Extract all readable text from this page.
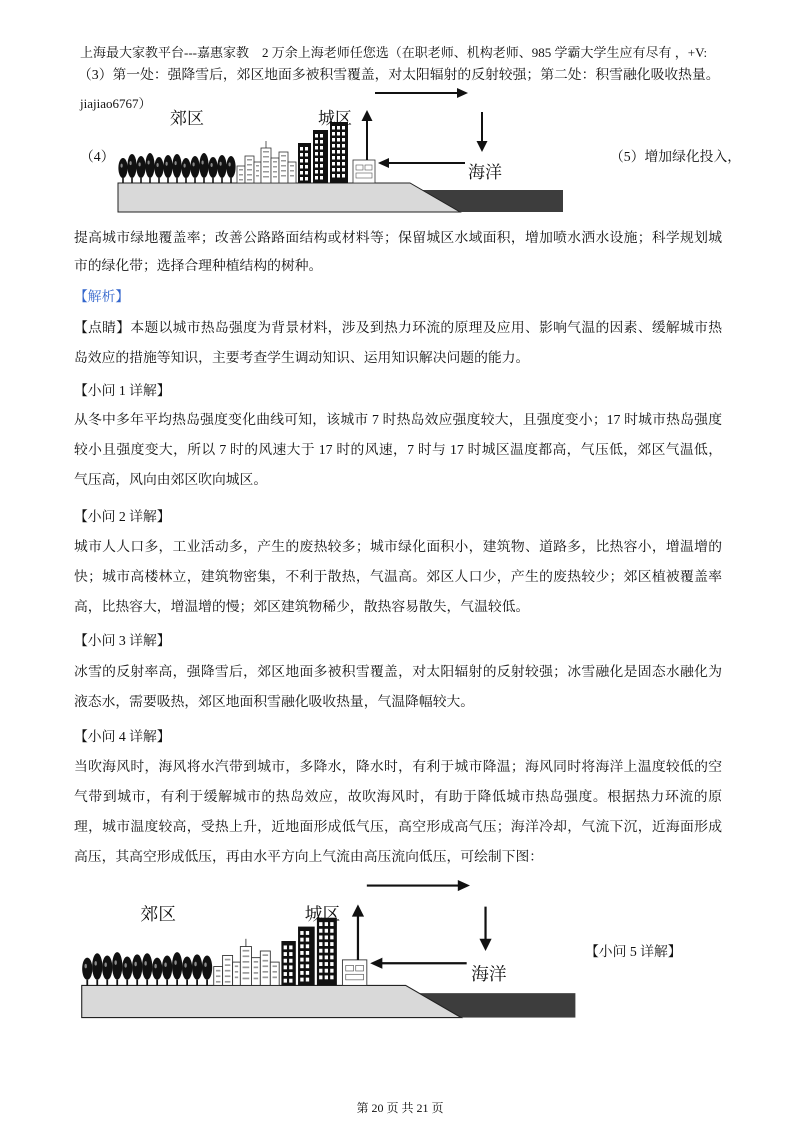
上海最大家教平台---嘉惠家教　2 万余上海老师任您选（在职老师、机构老师、985 学霸大学生应有尽有 ，+V:

jiajiao6767）

（3）第一处：强降雪后，郊区地面多被积雪覆盖，对太阳辐射的反射较强；第二处：积雪融化吸收热量。
（4）
郊区	城区
海洋
（5）增加绿化投入，
提高城市绿地覆盖率；改善公路路面结构或材料等；保留城区水域面积，增加喷水洒水设施；科学规划城
市的绿化带；选择合理种植结构的树种。
【解析】
【点睛】本题以城市热岛强度为背景材料，涉及到热力环流的原理及应用、影响气温的因素、缓解城市热
岛效应的措施等知识，主要考查学生调动知识、运用知识解决问题的能力。
【小问 1 详解】
从冬中多年平均热岛强度变化曲线可知，该城市 7 时热岛效应强度较大，且强度变小；17 时城市热岛强度
较小且强度变大，所以 7 时的风速大于 17 时的风速，7 时与 17 时城区温度都高，气压低，郊区气温低，
气压高，风向由郊区吹向城区。
【小问 2 详解】
城市人人口多，工业活动多，产生的废热较多；城市绿化面积小，建筑物、道路多，比热容小，增温增的
快；城市高楼林立，建筑物密集，不利于散热，气温高。郊区人口少，产生的废热较少；郊区植被覆盖率
高，比热容大，增温增的慢；郊区建筑物稀少，散热容易散失，气温较低。
【小问 3 详解】
冰雪的反射率高，强降雪后，郊区地面多被积雪覆盖，对太阳辐射的反射较强；冰雪融化是固态水融化为
液态水，需要吸热，郊区地面积雪融化吸收热量，气温降幅较大。
【小问 4 详解】
当吹海风时，海风将水汽带到城市，多降水，降水时，有利于城市降温；海风同时将海洋上温度较低的空
气带到城市，有利于缓解城市的热岛效应，故吹海风时，有助于降低城市热岛强度。根据热力环流的原
理，城市温度较高，受热上升，近地面形成低气压，高空形成高气压；海洋冷却，气流下沉，近海面形成
高压，其高空形成低压，再由水平方向上气流由高压流向低压，可绘制下图：
郊区	城区
海洋
【小问 5 详解】
第 20 页 共 21 页
